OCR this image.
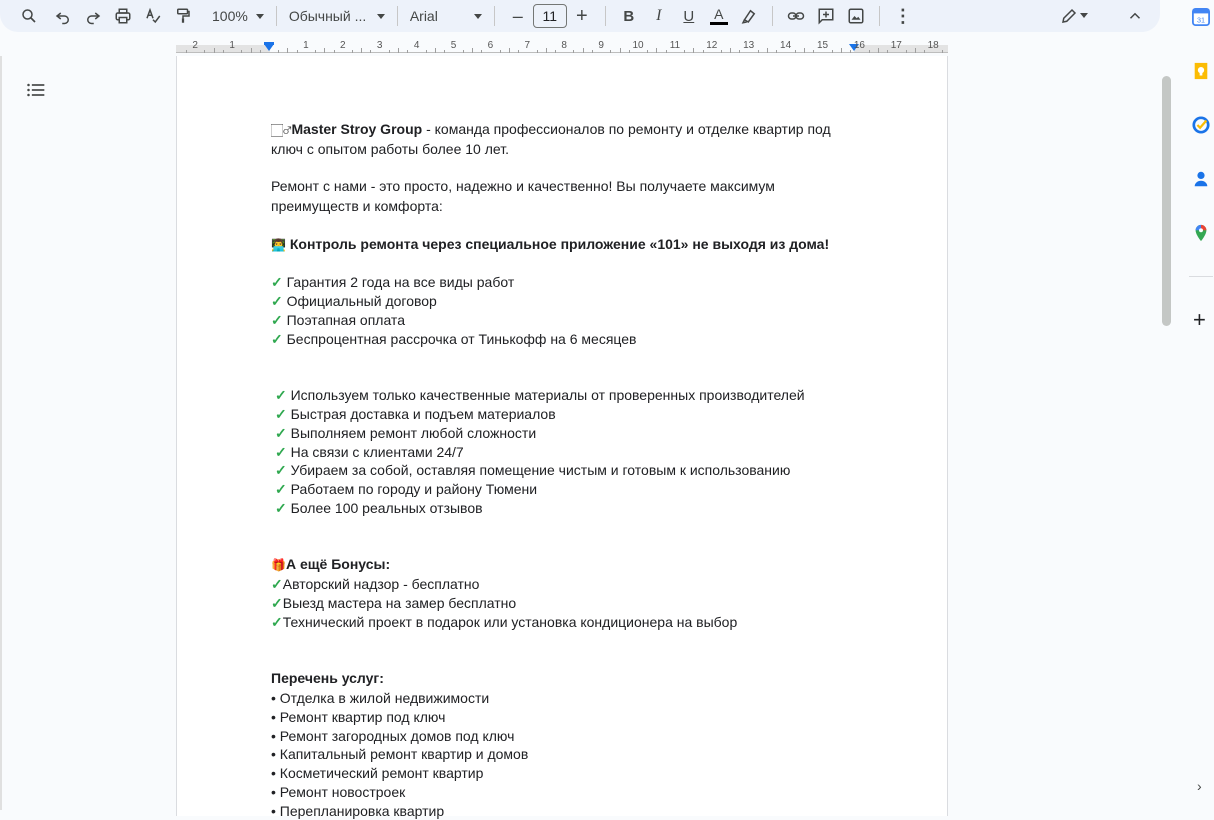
100%	Обычный ...	Arial	–	11 +	B	I	U	A	⋮
2	1	1	2	3	4	5	6	7	8	9	10	11	12	13	14	15	16	17	18

🏻‍♂Master Stroy Group - команда профессионалов по ремонту и отделке квартир под

ключ с опытом работы более 10 лет.

Ремонт с нами - это просто, надежно и качественно! Вы получаете максимум

преимуществ и комфорта:

👨‍💻 Контроль ремонта через специальное приложение «101» не выходя из дома!

✓ Гарантия 2 года на все виды работ

✓ Официальный договор

✓ Поэтапная оплата

✓ Беспроцентная рассрочка от Тинькофф на 6 месяцев

✓ Используем только качественные материалы от проверенных производителей

✓ Быстрая доставка и подъем материалов

✓ Выполняем ремонт любой сложности

✓ На связи с клиентами 24/7

✓ Убираем за собой, оставляя помещение чистым и готовым к использованию

✓ Работаем по городу и району Тюмени

✓ Более 100 реальных отзывов

🎁А ещё Бонусы:

✓Авторский надзор - бесплатно

✓Выезд мастера на замер бесплатно

✓Технический проект в подарок или установка кондиционера на выбор

Перечень услуг:

• Отделка в жилой недвижимости

• Ремонт квартир под ключ

• Ремонт загородных домов под ключ

• Капитальный ремонт квартир и домов

• Косметический ремонт квартир

• Ремонт новостроек

• Перепланировка квартир

31
+
›
